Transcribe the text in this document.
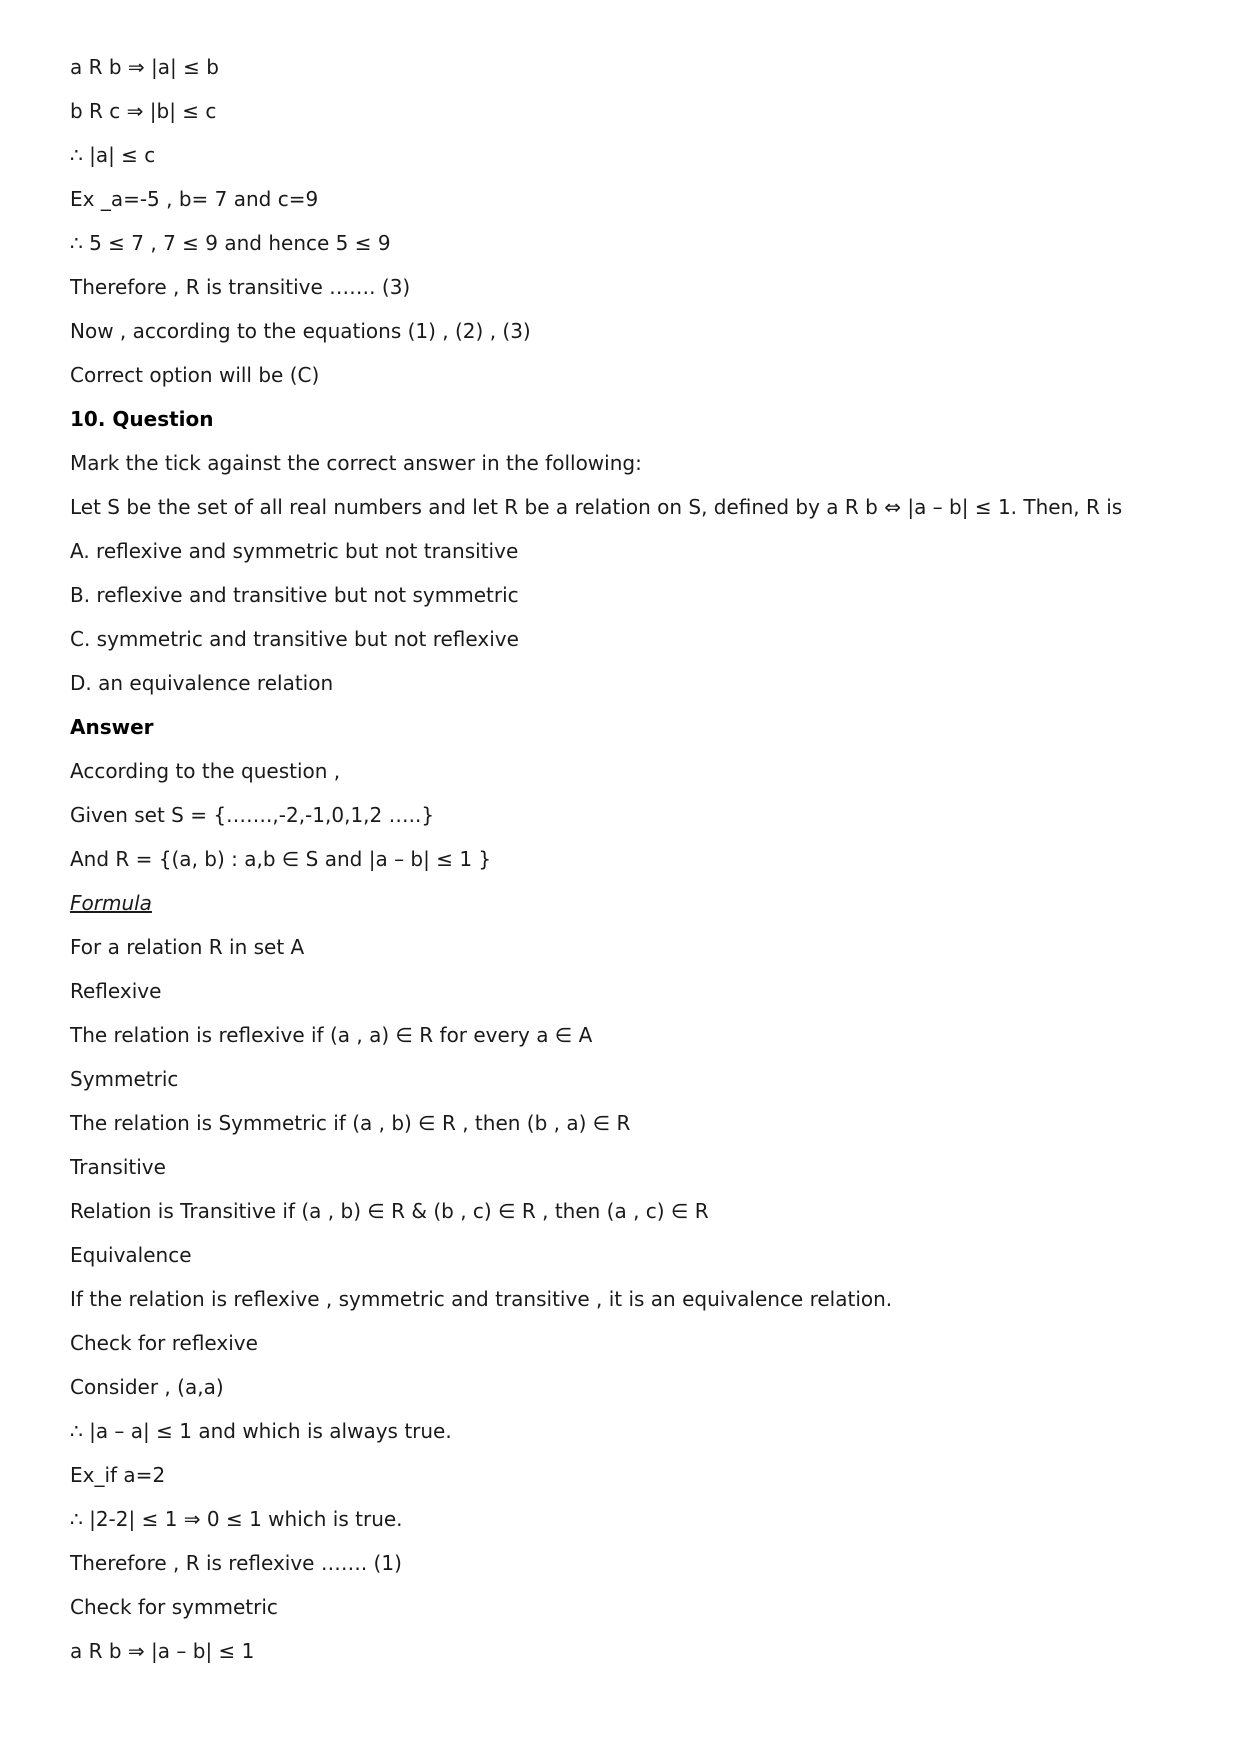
a R b ⇒ |a| ≤ b
b R c ⇒ |b| ≤ c
∴ |a| ≤ c
Ex _a=-5 , b= 7 and c=9
∴ 5 ≤ 7 , 7 ≤ 9 and hence 5 ≤ 9
Therefore , R is transitive ……. (3)
Now , according to the equations (1) , (2) , (3)
Correct option will be (C)
10. Question
Mark the tick against the correct answer in the following:
Let S be the set of all real numbers and let R be a relation on S, defined by a R b ⇔ |a – b| ≤ 1. Then, R is
A. reflexive and symmetric but not transitive
B. reflexive and transitive but not symmetric
C. symmetric and transitive but not reflexive
D. an equivalence relation
Answer
According to the question ,
Given set S = {…….,-2,-1,0,1,2 …..}
And R = {(a, b) : a,b ∈ S and |a – b| ≤ 1 }
Formula
For a relation R in set A
Reflexive
The relation is reflexive if (a , a) ∈ R for every a ∈ A
Symmetric
The relation is Symmetric if (a , b) ∈ R , then (b , a) ∈ R
Transitive
Relation is Transitive if (a , b) ∈ R & (b , c) ∈ R , then (a , c) ∈ R
Equivalence
If the relation is reflexive , symmetric and transitive , it is an equivalence relation.
Check for reflexive
Consider , (a,a)
∴ |a – a| ≤ 1 and which is always true.
Ex_if a=2
∴ |2-2| ≤ 1 ⇒ 0 ≤ 1 which is true.
Therefore , R is reflexive ……. (1)
Check for symmetric
a R b ⇒ |a – b| ≤ 1
